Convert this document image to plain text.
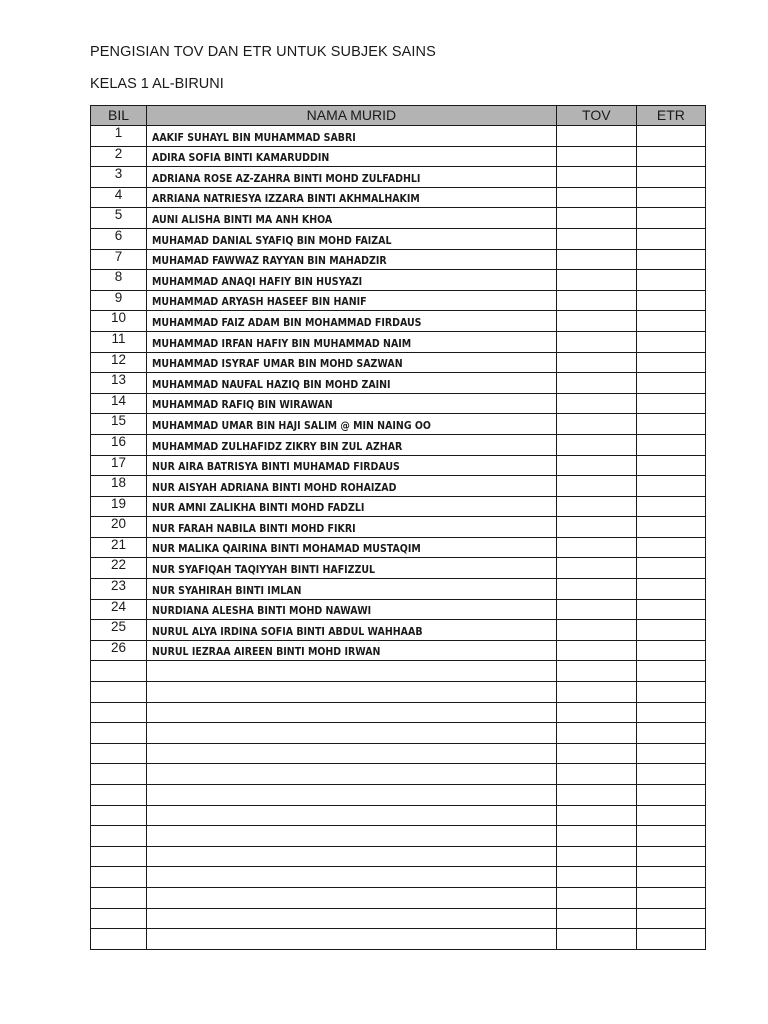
PENGISIAN TOV DAN ETR UNTUK SUBJEK SAINS
KELAS 1 AL-BIRUNI
BIL	NAMA MURID	TOV	ETR
1	AAKIF SUHAYL BIN MUHAMMAD SABRI		
2	ADIRA SOFIA BINTI KAMARUDDIN		
3	ADRIANA ROSE AZ-ZAHRA BINTI MOHD ZULFADHLI		
4	ARRIANA NATRIESYA IZZARA BINTI AKHMALHAKIM		
5	AUNI ALISHA BINTI MA ANH KHOA		
6	MUHAMAD DANIAL SYAFIQ BIN MOHD FAIZAL		
7	MUHAMAD FAWWAZ RAYYAN BIN MAHADZIR		
8	MUHAMMAD ANAQI HAFIY BIN HUSYAZI		
9	MUHAMMAD ARYASH HASEEF BIN HANIF		
10	MUHAMMAD FAIZ ADAM BIN MOHAMMAD FIRDAUS		
11	MUHAMMAD IRFAN HAFIY BIN MUHAMMAD NAIM		
12	MUHAMMAD ISYRAF UMAR BIN MOHD SAZWAN		
13	MUHAMMAD NAUFAL HAZIQ BIN MOHD ZAINI		
14	MUHAMMAD RAFIQ BIN WIRAWAN		
15	MUHAMMAD UMAR BIN HAJI SALIM @ MIN NAING OO		
16	MUHAMMAD ZULHAFIDZ ZIKRY BIN ZUL AZHAR		
17	NUR AIRA BATRISYA BINTI MUHAMAD FIRDAUS		
18	NUR AISYAH ADRIANA BINTI MOHD ROHAIZAD		
19	NUR AMNI ZALIKHA BINTI MOHD FADZLI		
20	NUR FARAH NABILA BINTI MOHD FIKRI		
21	NUR MALIKA QAIRINA BINTI MOHAMAD MUSTAQIM		
22	NUR SYAFIQAH TAQIYYAH BINTI HAFIZZUL		
23	NUR SYAHIRAH BINTI IMLAN		
24	NURDIANA ALESHA BINTI MOHD NAWAWI		
25	NURUL ALYA IRDINA SOFIA BINTI ABDUL WAHHAAB		
26	NURUL IEZRAA AIREEN BINTI MOHD IRWAN		
